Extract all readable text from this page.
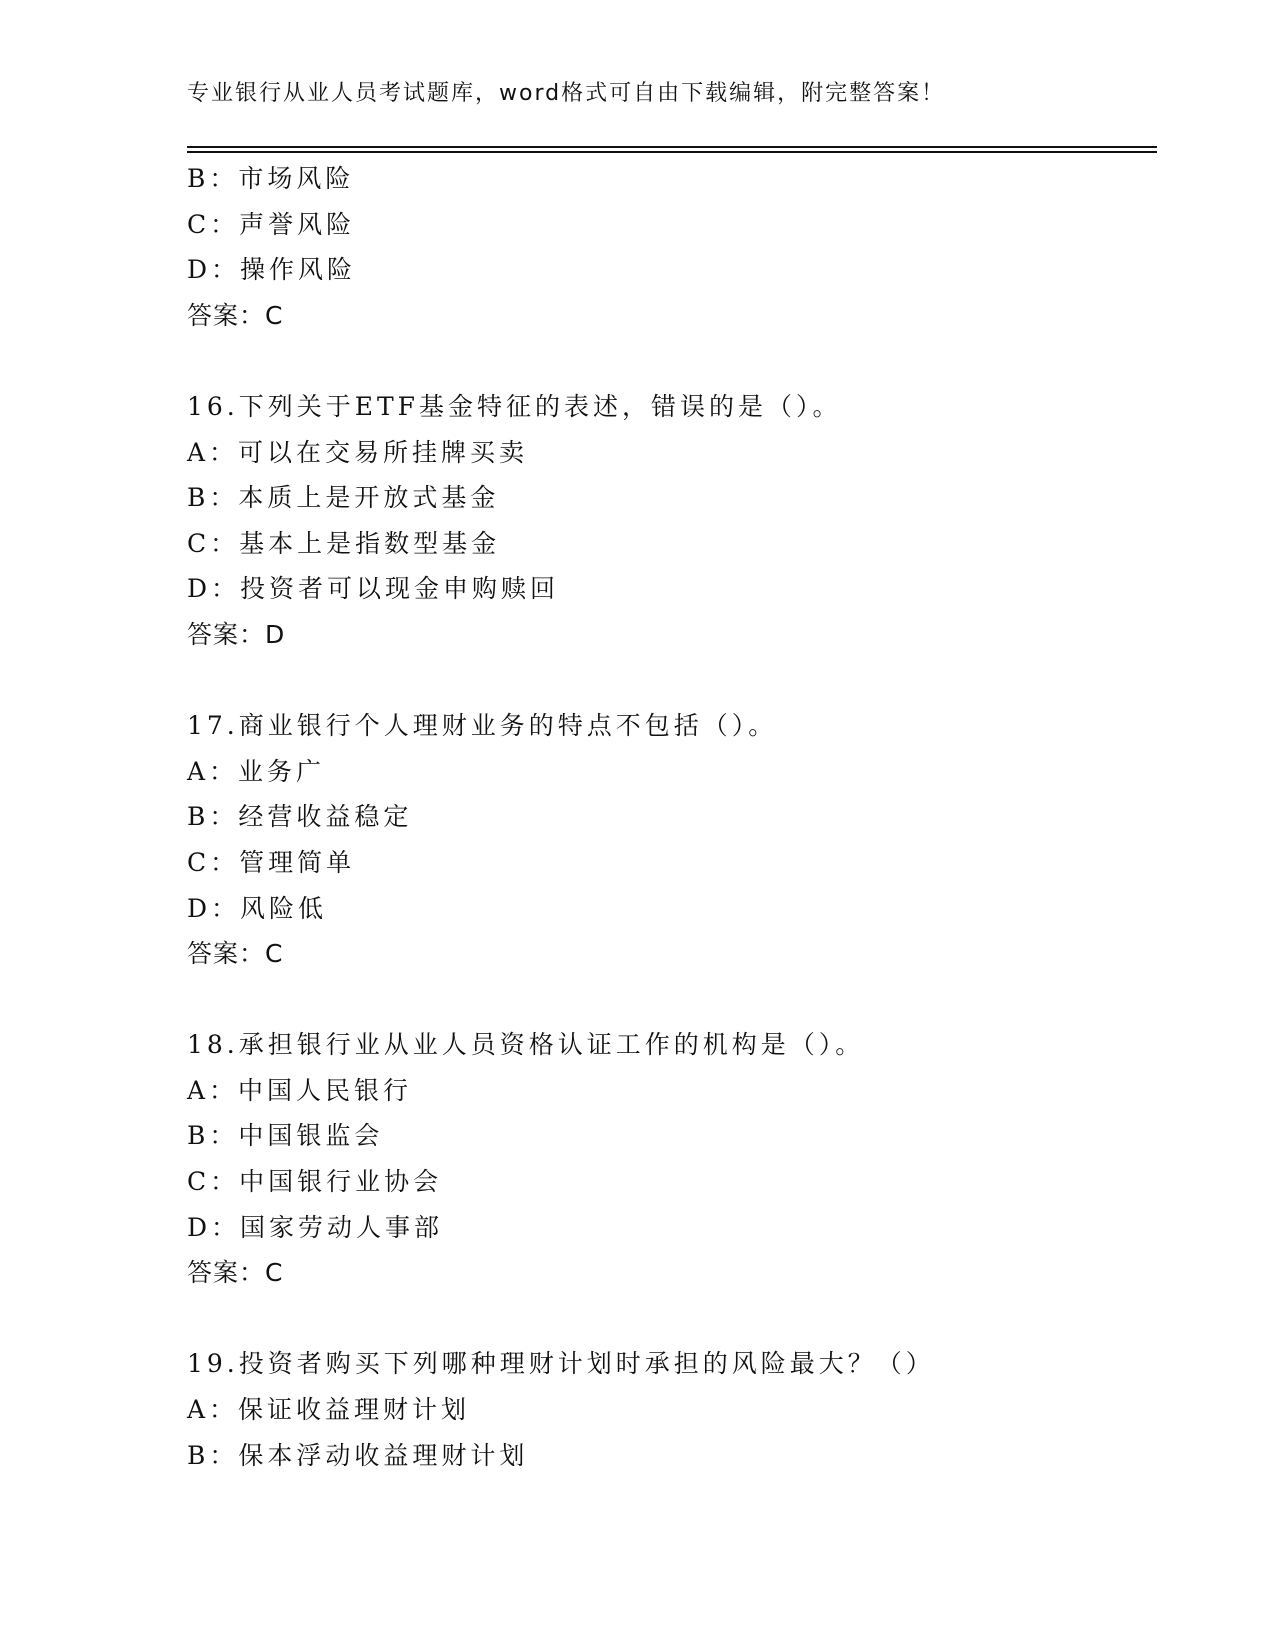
专业银行从业人员考试题库，word格式可自由下载编辑，附完整答案！
B：市场风险
C：声誉风险
D：操作风险
答案：C
16.下列关于ETF基金特征的表述，错误的是（）。
A：可以在交易所挂牌买卖
B：本质上是开放式基金
C：基本上是指数型基金
D：投资者可以现金申购赎回
答案：D
17.商业银行个人理财业务的特点不包括（）。
A：业务广
B：经营收益稳定
C：管理简单
D：风险低
答案：C
18.承担银行业从业人员资格认证工作的机构是（）。
A：中国人民银行
B：中国银监会
C：中国银行业协会
D：国家劳动人事部
答案：C
19.投资者购买下列哪种理财计划时承担的风险最大？（）
A：保证收益理财计划
B：保本浮动收益理财计划
